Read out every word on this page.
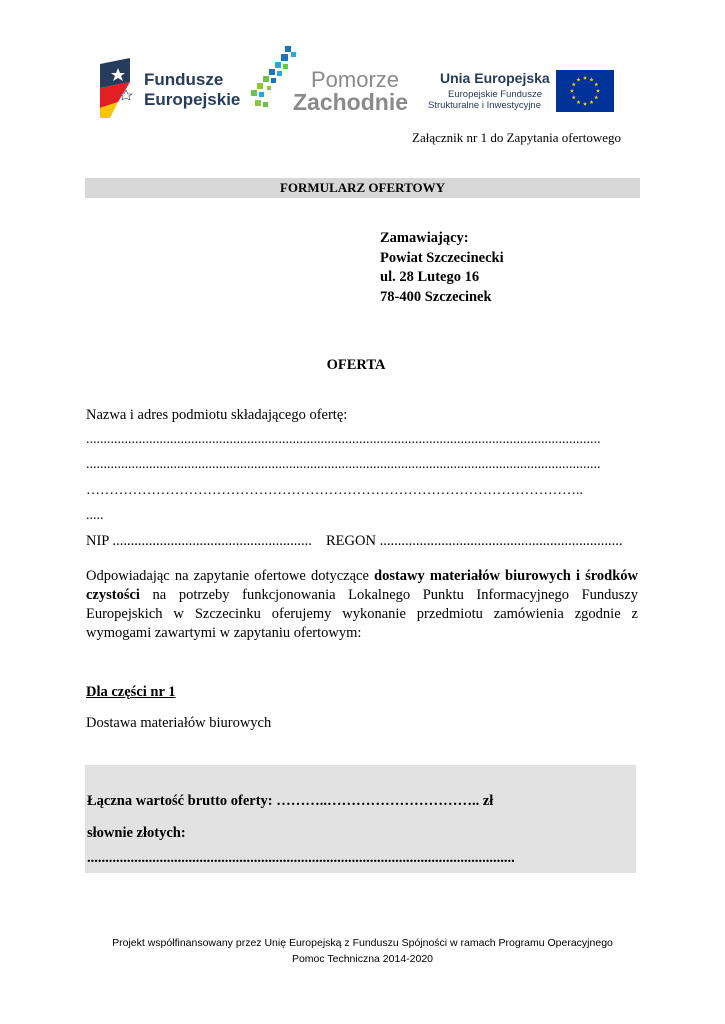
Fundusze
Europejskie
Pomorze
Zachodnie
Unia Europejska
Europejskie Fundusze
Strukturalne i Inwestycyjne
Załącznik nr 1 do Zapytania ofertowego
FORMULARZ OFERTOWY
Zamawiający:
Powiat Szczecinecki
ul. 28 Lutego 16
78-400 Szczecinek
OFERTA
Nazwa i adres podmiotu składającego ofertę:
...................................................................................................................................................
...................................................................................................................................................
……………………………………………………………………………………………..
.....
NIP ....................................................... REGON ...................................................................
Odpowiadając na zapytanie ofertowe dotyczące dostawy materiałów biurowych i środków czystości na potrzeby funkcjonowania Lokalnego Punktu Informacyjnego Funduszy Europejskich w Szczecinku oferujemy wykonanie przedmiotu zamówienia zgodnie z wymogami zawartymi w zapytaniu ofertowym:
Dla części nr 1
Dostawa materiałów biurowych
Łączna wartość brutto oferty: ………..………………………….. zł
słownie złotych:
......................................................................................................................
Projekt współfinansowany przez Unię Europejską z Funduszu Spójności w ramach Programu Operacyjnego
Pomoc Techniczna 2014-2020
